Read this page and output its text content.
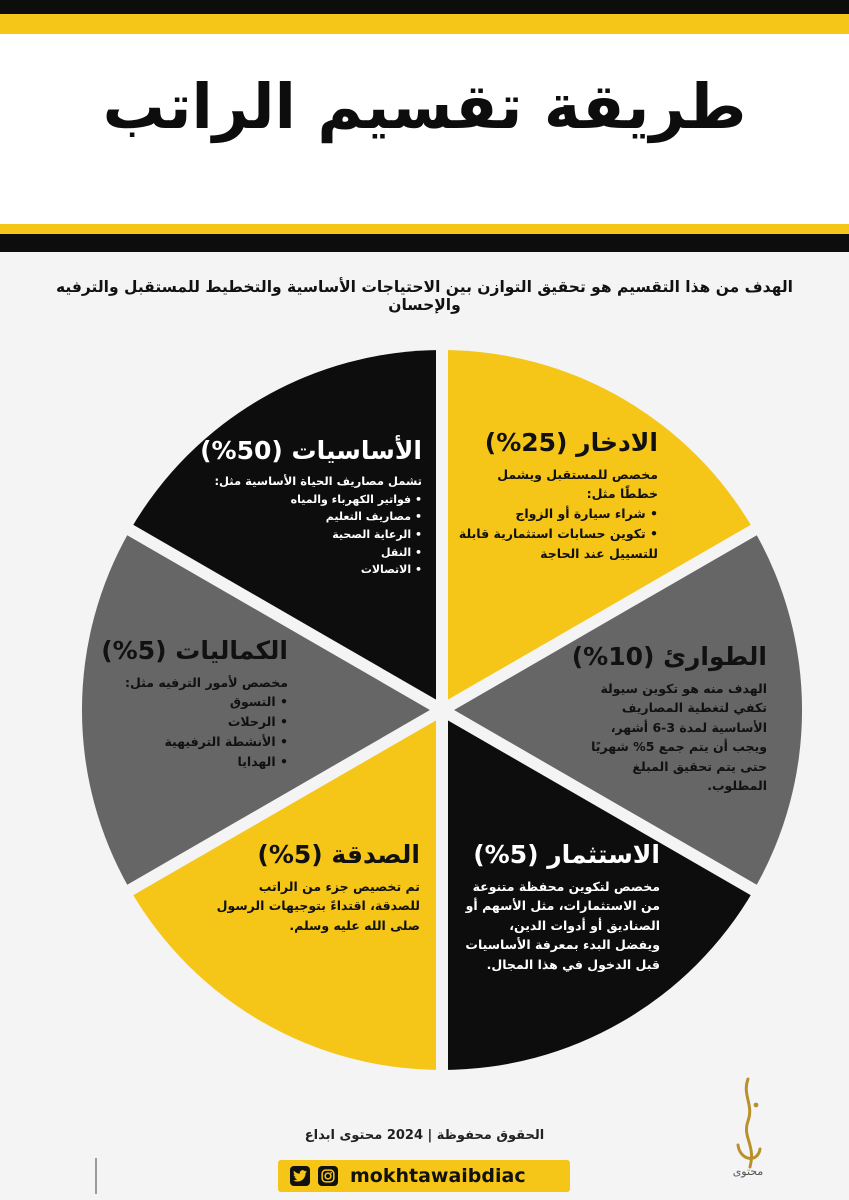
طريقة تقسيم الراتب

الهدف من هذا التقسيم هو تحقيق التوازن بين الاحتياجات الأساسية والتخطيط للمستقبل والترفيه والإحسان

الأساسيات (50%)

تشمل مصاريف الحياة الأساسية مثل:

• فواتير الكهرباء والمياه
• مصاريف التعليم
• الرعاية الصحية
• النقل
• الاتصالات
الادخار (25%)

مخصص للمستقبل ويشمل خططًا مثل:

• شراء سيارة أو الزواج
• تكوين حسابات استثمارية قابلة للتسييل عند الحاجة
الطوارئ (10%)

الهدف منه هو تكوين سيولة تكفي لتغطية المصاريف الأساسية لمدة 3-6 أشهر، ويجب أن يتم جمع 5% شهريًا حتى يتم تحقيق المبلغ المطلوب.

الاستثمار (5%)

مخصص لتكوين محفظة متنوعة من الاستثمارات، مثل الأسهم أو الصناديق أو أدوات الدين، ويفضل البدء بمعرفة الأساسيات قبل الدخول في هذا المجال.

الصدقة (5%)

تم تخصيص جزء من الراتب للصدقة، اقتداءً بتوجيهات الرسول صلى الله عليه وسلم.

الكماليات (5%)

مخصص لأمور الترفيه مثل:

• التسوق
• الرحلات
• الأنشطة الترفيهية
• الهدايا

الحقوق محفوظة | 2024 محتوى ابداع

mokhtawaibdiac	محتوى
